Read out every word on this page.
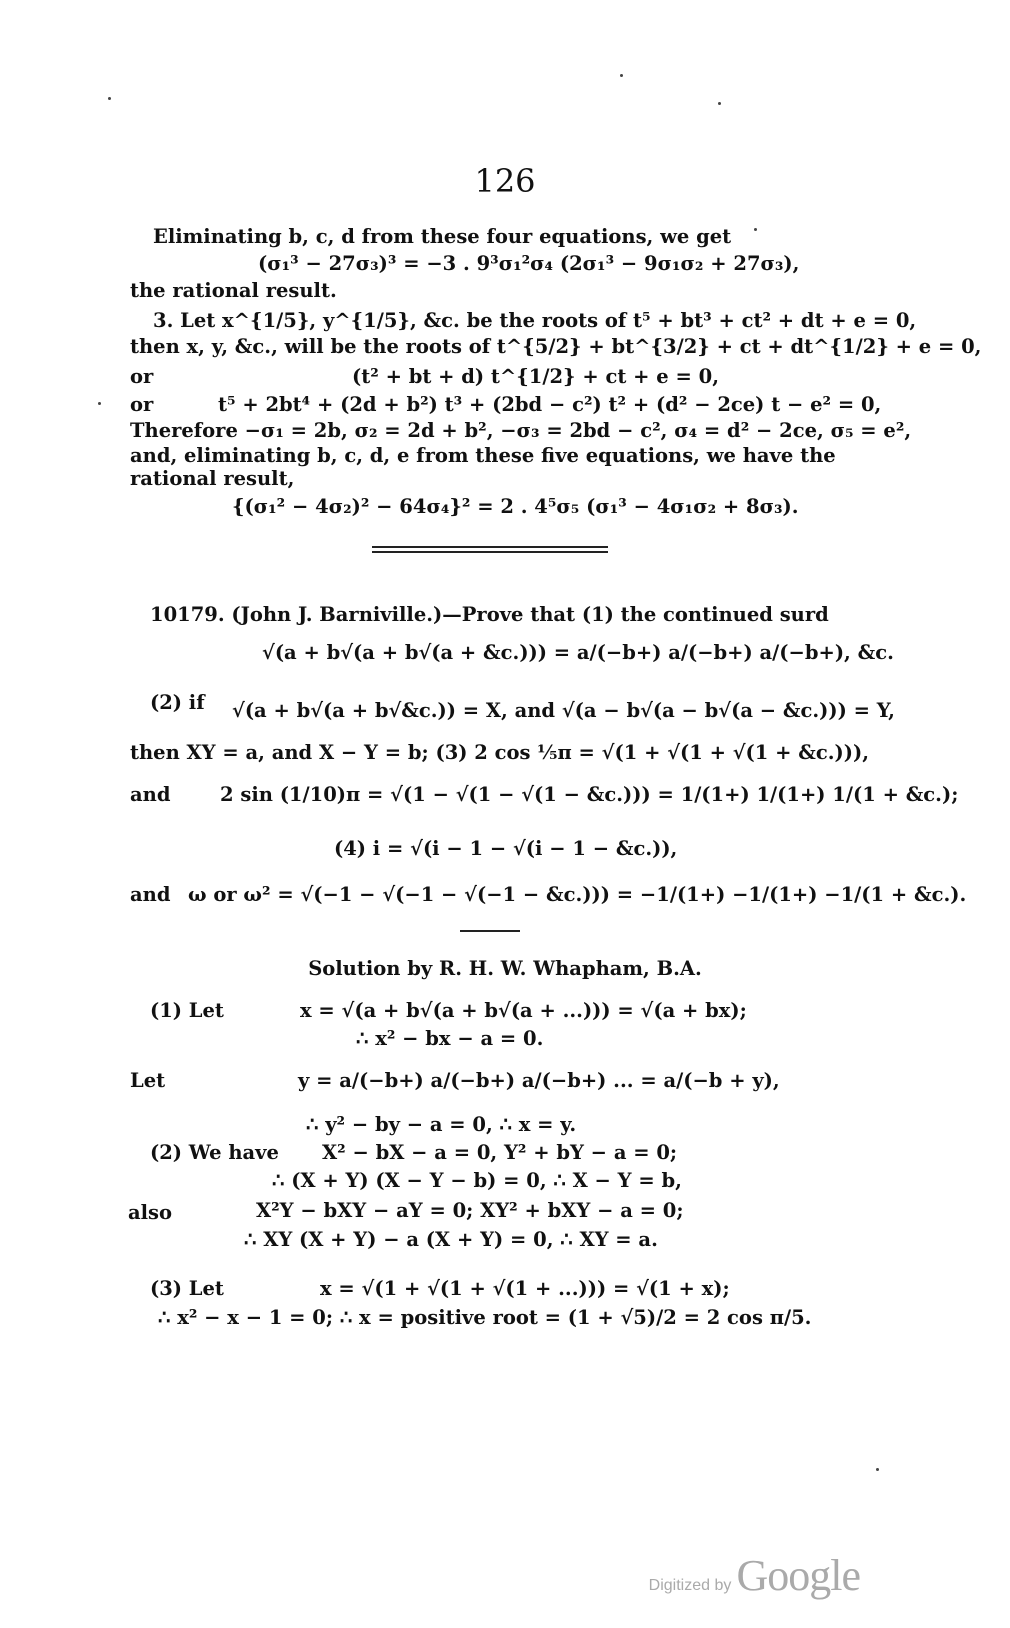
126
Eliminating b, c, d from these four equations, we get
(σ₁³ − 27σ₃)³ = −3 . 9³σ₁²σ₄ (2σ₁³ − 9σ₁σ₂ + 27σ₃),
the rational result.
3. Let x^{1/5}, y^{1/5}, &c. be the roots of t⁵ + bt³ + ct² + dt + e = 0,
then x, y, &c., will be the roots of t^{5/2} + bt^{3/2} + ct + dt^{1/2} + e = 0,
or	(t² + bt + d) t^{1/2} + ct + e = 0,
or	t⁵ + 2bt⁴ + (2d + b²) t³ + (2bd − c²) t² + (d² − 2ce) t − e² = 0,
Therefore −σ₁ = 2b, σ₂ = 2d + b², −σ₃ = 2bd − c², σ₄ = d² − 2ce, σ₅ = e²,
and, eliminating b, c, d, e from these five equations, we have the
rational result,
{(σ₁² − 4σ₂)² − 64σ₄}² = 2 . 4⁵σ₅ (σ₁³ − 4σ₁σ₂ + 8σ₃).
10179. (John J. Barniville.)—Prove that (1) the continued surd
√(a + b√(a + b√(a + &c.))) = a/(−b+) a/(−b+) a/(−b+), &c.
(2) if √(a + b√(a + b√&c.)) = X, and √(a − b√(a − b√(a − &c.))) = Y,
then XY = a, and X − Y = b; (3) 2 cos ⅕π = √(1 + √(1 + √(1 + &c.))),
and	2 sin (1/10)π = √(1 − √(1 − √(1 − &c.))) = 1/(1+) 1/(1+) 1/(1 + &c.);
(4) i = √(i − 1 − √(i − 1 − &c.)),
and ω or ω² = √(−1 − √(−1 − √(−1 − &c.))) = −1/(1+) −1/(1+) −1/(1 + &c.).
Solution by R. H. W. Whapham, B.A.
(1) Let	x = √(a + b√(a + b√(a + ...))) = √(a + bx);
∴ x² − bx − a = 0.
Let	y = a/(−b+) a/(−b+) a/(−b+) ... = a/(−b + y),
∴ y² − by − a = 0, ∴ x = y.
(2) We have X² − bX − a = 0, Y² + bY − a = 0;
∴ (X + Y) (X − Y − b) = 0, ∴ X − Y = b,
also	X²Y − bXY − aY = 0; XY² + bXY − a = 0;
∴ XY (X + Y) − a (X + Y) = 0, ∴ XY = a.
(3) Let	x = √(1 + √(1 + √(1 + ...))) = √(1 + x);
∴ x² − x − 1 = 0; ∴ x = positive root = (1 + √5)/2 = 2 cos π/5.
Digitized by Google
